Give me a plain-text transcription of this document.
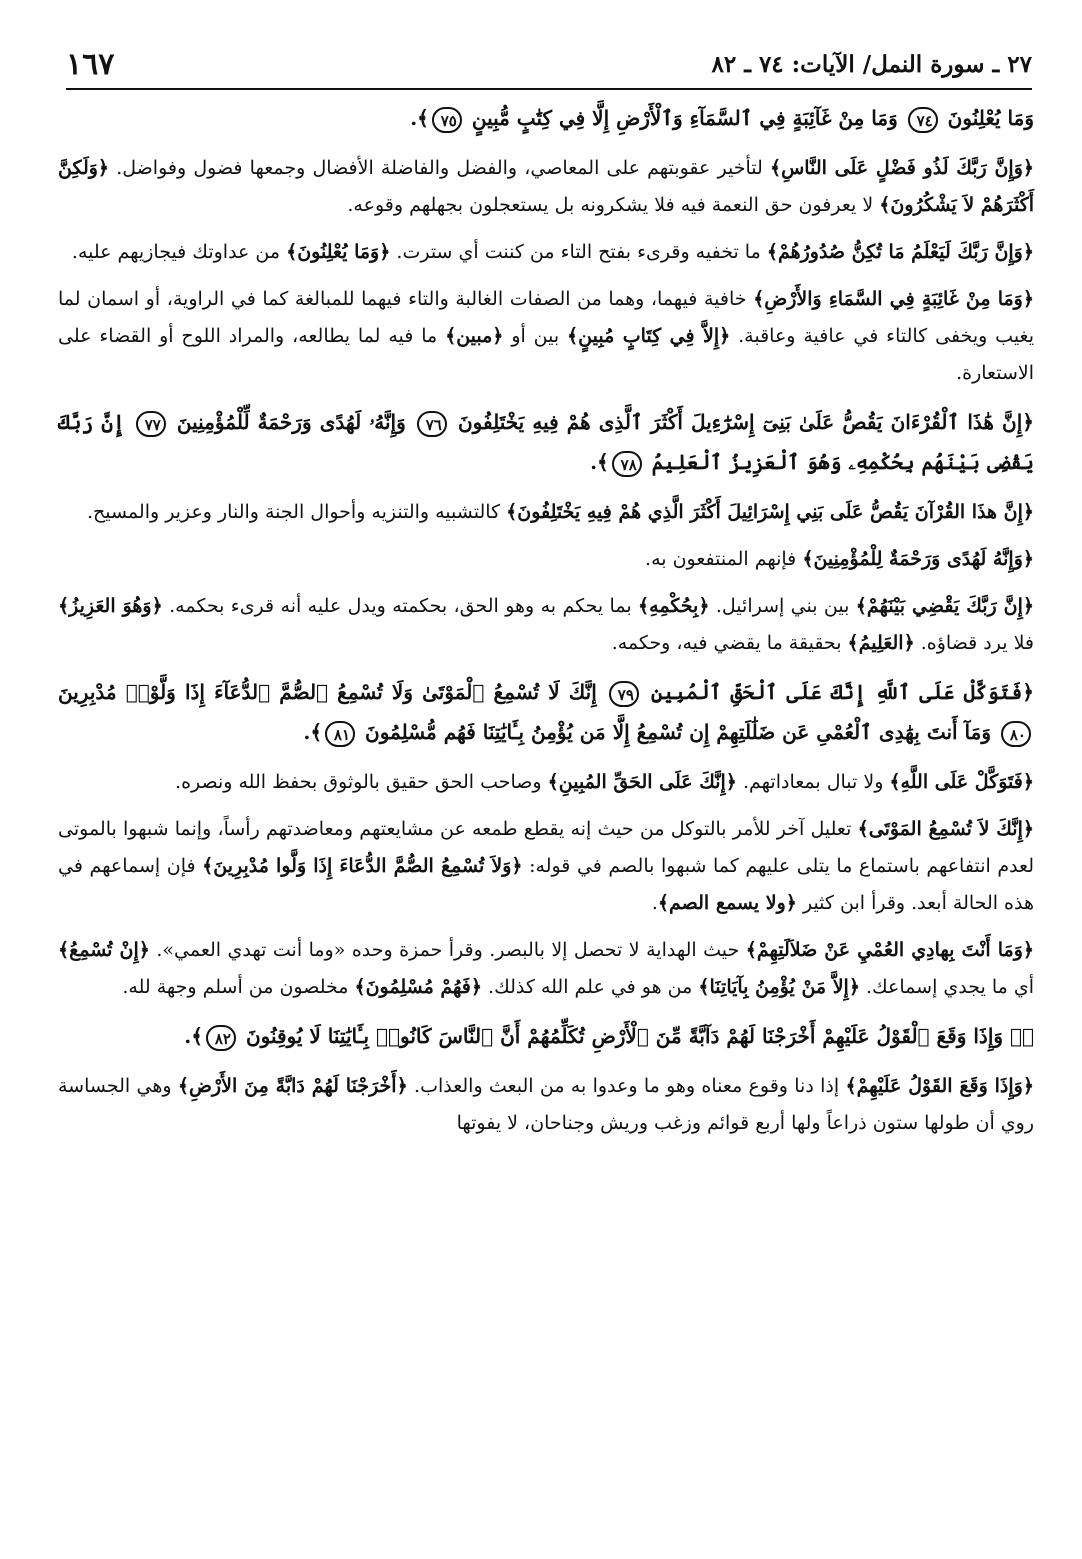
١٦٧	٢٧ ـ سورة النمل/ الآيات: ٧٤ ـ ٨٢

وَمَا يُعْلِنُونَ ٧٤ وَمَا مِنْ غَآئِبَةٍ فِي ٱلسَّمَآءِ وَٱلْأَرْضِ إِلَّا فِي كِتَٰبٍ مُّبِينٍ ٧٥﴾.

﴿وَإِنَّ رَبَّكَ لَذُو فَضْلٍ عَلَى النَّاسِ﴾ لتأخير عقوبتهم على المعاصي، والفضل والفاضلة الأفضال وجمعها فضول وفواضل. ﴿وَلَكِنَّ أَكْثَرَهُمْ لاَ يَشْكُرُونَ﴾ لا يعرفون حق النعمة فيه فلا يشكرونه بل يستعجلون بجهلهم وقوعه.

﴿وَإِنَّ رَبَّكَ لَيَعْلَمُ مَا تُكِنُّ صُدُورُهُمْ﴾ ما تخفيه وقرىء بفتح التاء من كننت أي سترت. ﴿وَمَا يُعْلِنُونَ﴾ من عداوتك فيجازيهم عليه.

﴿وَمَا مِنْ غَائِبَةٍ فِي السَّمَاءِ وَالأَرْضِ﴾ خافية فيهما، وهما من الصفات الغالبة والتاء فيهما للمبالغة كما في الراوية، أو اسمان لما يغيب ويخفى كالتاء في عافية وعاقبة. ﴿إِلاَّ فِي كِتَابٍ مُبِينٍ﴾ بين أو ﴿مبين﴾ ما فيه لما يطالعه، والمراد اللوح أو القضاء على الاستعارة.

﴿إِنَّ هَٰذَا ٱلْقُرْءَانَ يَقُصُّ عَلَىٰ بَنِىٓ إِسْرَٰٓءِيلَ أَكْثَرَ ٱلَّذِى هُمْ فِيهِ يَخْتَلِفُونَ ٧٦ وَإِنَّهُۥ لَهُدًى وَرَحْمَةٌ لِّلْمُؤْمِنِينَ ٧٧ إِنَّ رَبَّكَ يَقْضِى بَيْنَهُم بِحُكْمِهِۦ وَهُوَ ٱلْعَزِيزُ ٱلْعَلِيمُ ٧٨﴾.

﴿إِنَّ هذَا القُرْآنَ يَقُصُّ عَلَى بَنِي إِسْرَائِيلَ أَكْثَرَ الَّذِي هُمْ فِيهِ يَخْتَلِفُونَ﴾ كالتشبيه والتنزيه وأحوال الجنة والنار وعزير والمسيح.

﴿وَإِنَّهُ لَهُدًى وَرَحْمَةٌ لِلْمُؤْمِنِينَ﴾ فإنهم المنتفعون به.

﴿إِنَّ رَبَّكَ يَقْضِي بَيْنَهُمْ﴾ بين بني إسرائيل. ﴿بِحُكْمِهِ﴾ بما يحكم به وهو الحق، بحكمته ويدل عليه أنه قرىء بحكمه. ﴿وَهُوَ العَزِيزُ﴾ فلا يرد قضاؤه. ﴿العَلِيمُ﴾ بحقيقة ما يقضي فيه، وحكمه.

﴿فَتَوَكَّلْ عَلَى ٱللَّهِ إِنَّكَ عَلَى ٱلْحَقِّ ٱلْمُبِينِ ٧٩ إِنَّكَ لَا تُسْمِعُ ٱلْمَوْتَىٰ وَلَا تُسْمِعُ ٱلصُّمَّ ٱلدُّعَآءَ إِذَا وَلَّوْا۟ مُدْبِرِينَ ٨٠ وَمَآ أَنتَ بِهَٰدِى ٱلْعُمْىِ عَن ضَلَٰلَتِهِمْ إِن تُسْمِعُ إِلَّا مَن يُؤْمِنُ بِـَٔايَٰتِنَا فَهُم مُّسْلِمُونَ ٨١﴾.

﴿فَتَوَكَّلْ عَلَى اللَّهِ﴾ ولا تبال بمعاداتهم. ﴿إِنَّكَ عَلَى الحَقِّ المُبِينِ﴾ وصاحب الحق حقيق بالوثوق بحفظ الله ونصره.

﴿إِنَّكَ لاَ تُسْمِعُ المَوْتَى﴾ تعليل آخر للأمر بالتوكل من حيث إنه يقطع طمعه عن مشايعتهم ومعاضدتهم رأساً، وإنما شبهوا بالموتى لعدم انتفاعهم باستماع ما يتلى عليهم كما شبهوا بالصم في قوله: ﴿وَلاَ تُسْمِعُ الصُّمَّ الدُّعَاءَ إِذَا وَلَّوا مُدْبِرِينَ﴾ فإن إسماعهم في هذه الحالة أبعد. وقرأ ابن كثير ﴿ولا يسمع الصم﴾.

﴿وَمَا أَنْتَ بِهادِي العُمْيِ عَنْ ضَلاَلَتِهِمْ﴾ حيث الهداية لا تحصل إلا بالبصر. وقرأ حمزة وحده «وما أنت تهدي العمي». ﴿إِنْ تُسْمِعُ﴾ أي ما يجدي إسماعك. ﴿إِلاَّ مَنْ يُؤْمِنُ بِآيَاتِنَا﴾ من هو في علم الله كذلك. ﴿فَهُمْ مُسْلِمُونَ﴾ مخلصون من أسلم وجهة لله.

﴿۞ وَإِذَا وَقَعَ ٱلْقَوْلُ عَلَيْهِمْ أَخْرَجْنَا لَهُمْ دَآبَّةً مِّنَ ٱلْأَرْضِ تُكَلِّمُهُمْ أَنَّ ٱلنَّاسَ كَانُوا۟ بِـَٔايَٰتِنَا لَا يُوقِنُونَ ٨٢﴾.

﴿وَإِذَا وَقَعَ القَوْلُ عَلَيْهِمْ﴾ إذا دنا وقوع معناه وهو ما وعدوا به من البعث والعذاب. ﴿أَخْرَجْنَا لَهُمْ دَابَّةً مِنَ الأَرْضِ﴾ وهي الجساسة روي أن طولها ستون ذراعاً ولها أربع قوائم وزغب وريش وجناحان، لا يفوتها
